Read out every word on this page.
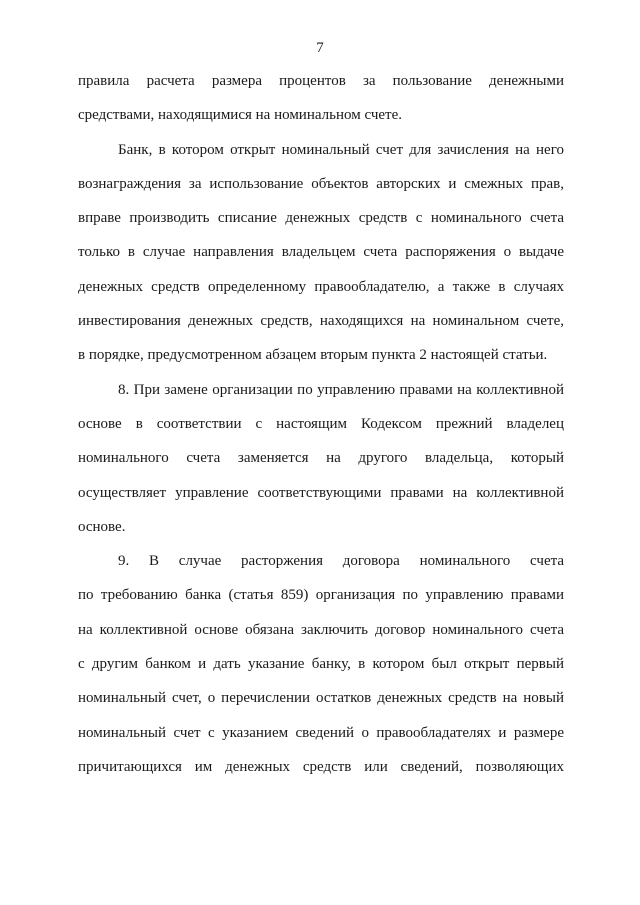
7
правила расчета размера процентов за пользование денежными
средствами, находящимися на номинальном счете.
Банк, в котором открыт номинальный счет для зачисления на него
вознаграждения за использование объектов авторских и смежных прав,
вправе производить списание денежных средств с номинального счета
только в случае направления владельцем счета распоряжения о выдаче
денежных средств определенному правообладателю, а также в случаях
инвестирования денежных средств, находящихся на номинальном счете,
в порядке, предусмотренном абзацем вторым пункта 2 настоящей статьи.
8. При замене организации по управлению правами на коллективной
основе в соответствии с настоящим Кодексом прежний владелец
номинального счета заменяется на другого владельца, который
осуществляет управление соответствующими правами на коллективной
основе.
9. В случае расторжения договора номинального счета
по требованию банка (статья 859) организация по управлению правами
на коллективной основе обязана заключить договор номинального счета
с другим банком и дать указание банку, в котором был открыт первый
номинальный счет, о перечислении остатков денежных средств на новый
номинальный счет с указанием сведений о правообладателях и размере
причитающихся им денежных средств или сведений, позволяющих
